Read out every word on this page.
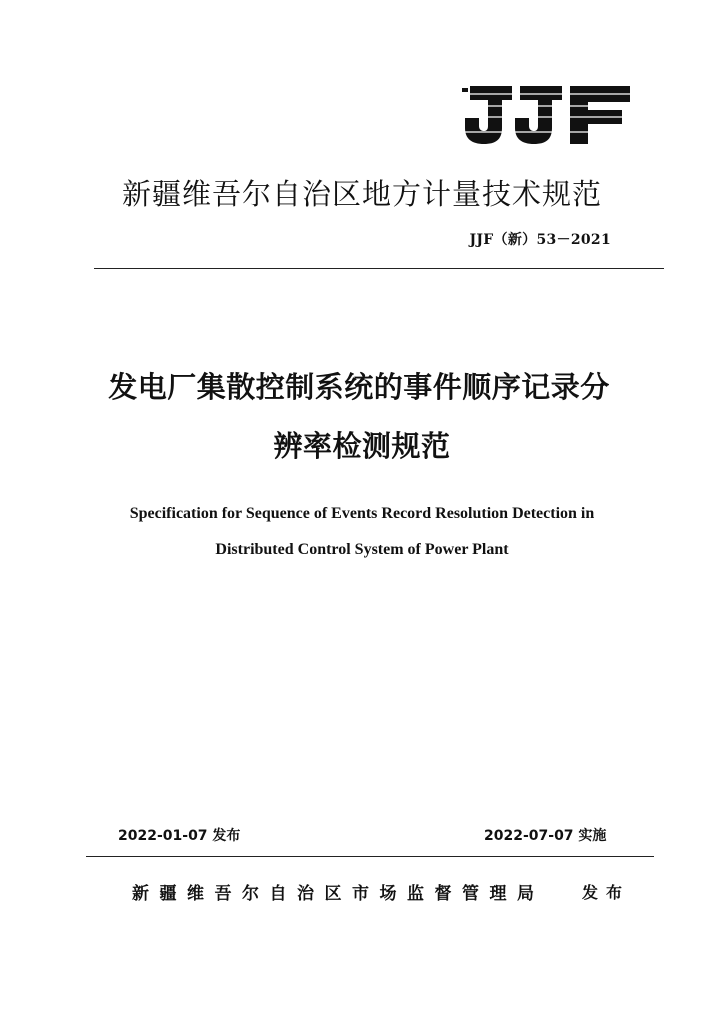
新疆维吾尔自治区地方计量技术规范
JJF（新）53－2021
发电厂集散控制系统的事件顺序记录分
辨率检测规范
Specification for Sequence of Events Record Resolution Detection in
Distributed Control System of Power Plant
2022-01-07 发布	2022-07-07 实施
新疆维吾尔自治区市场监督管理局 发布
